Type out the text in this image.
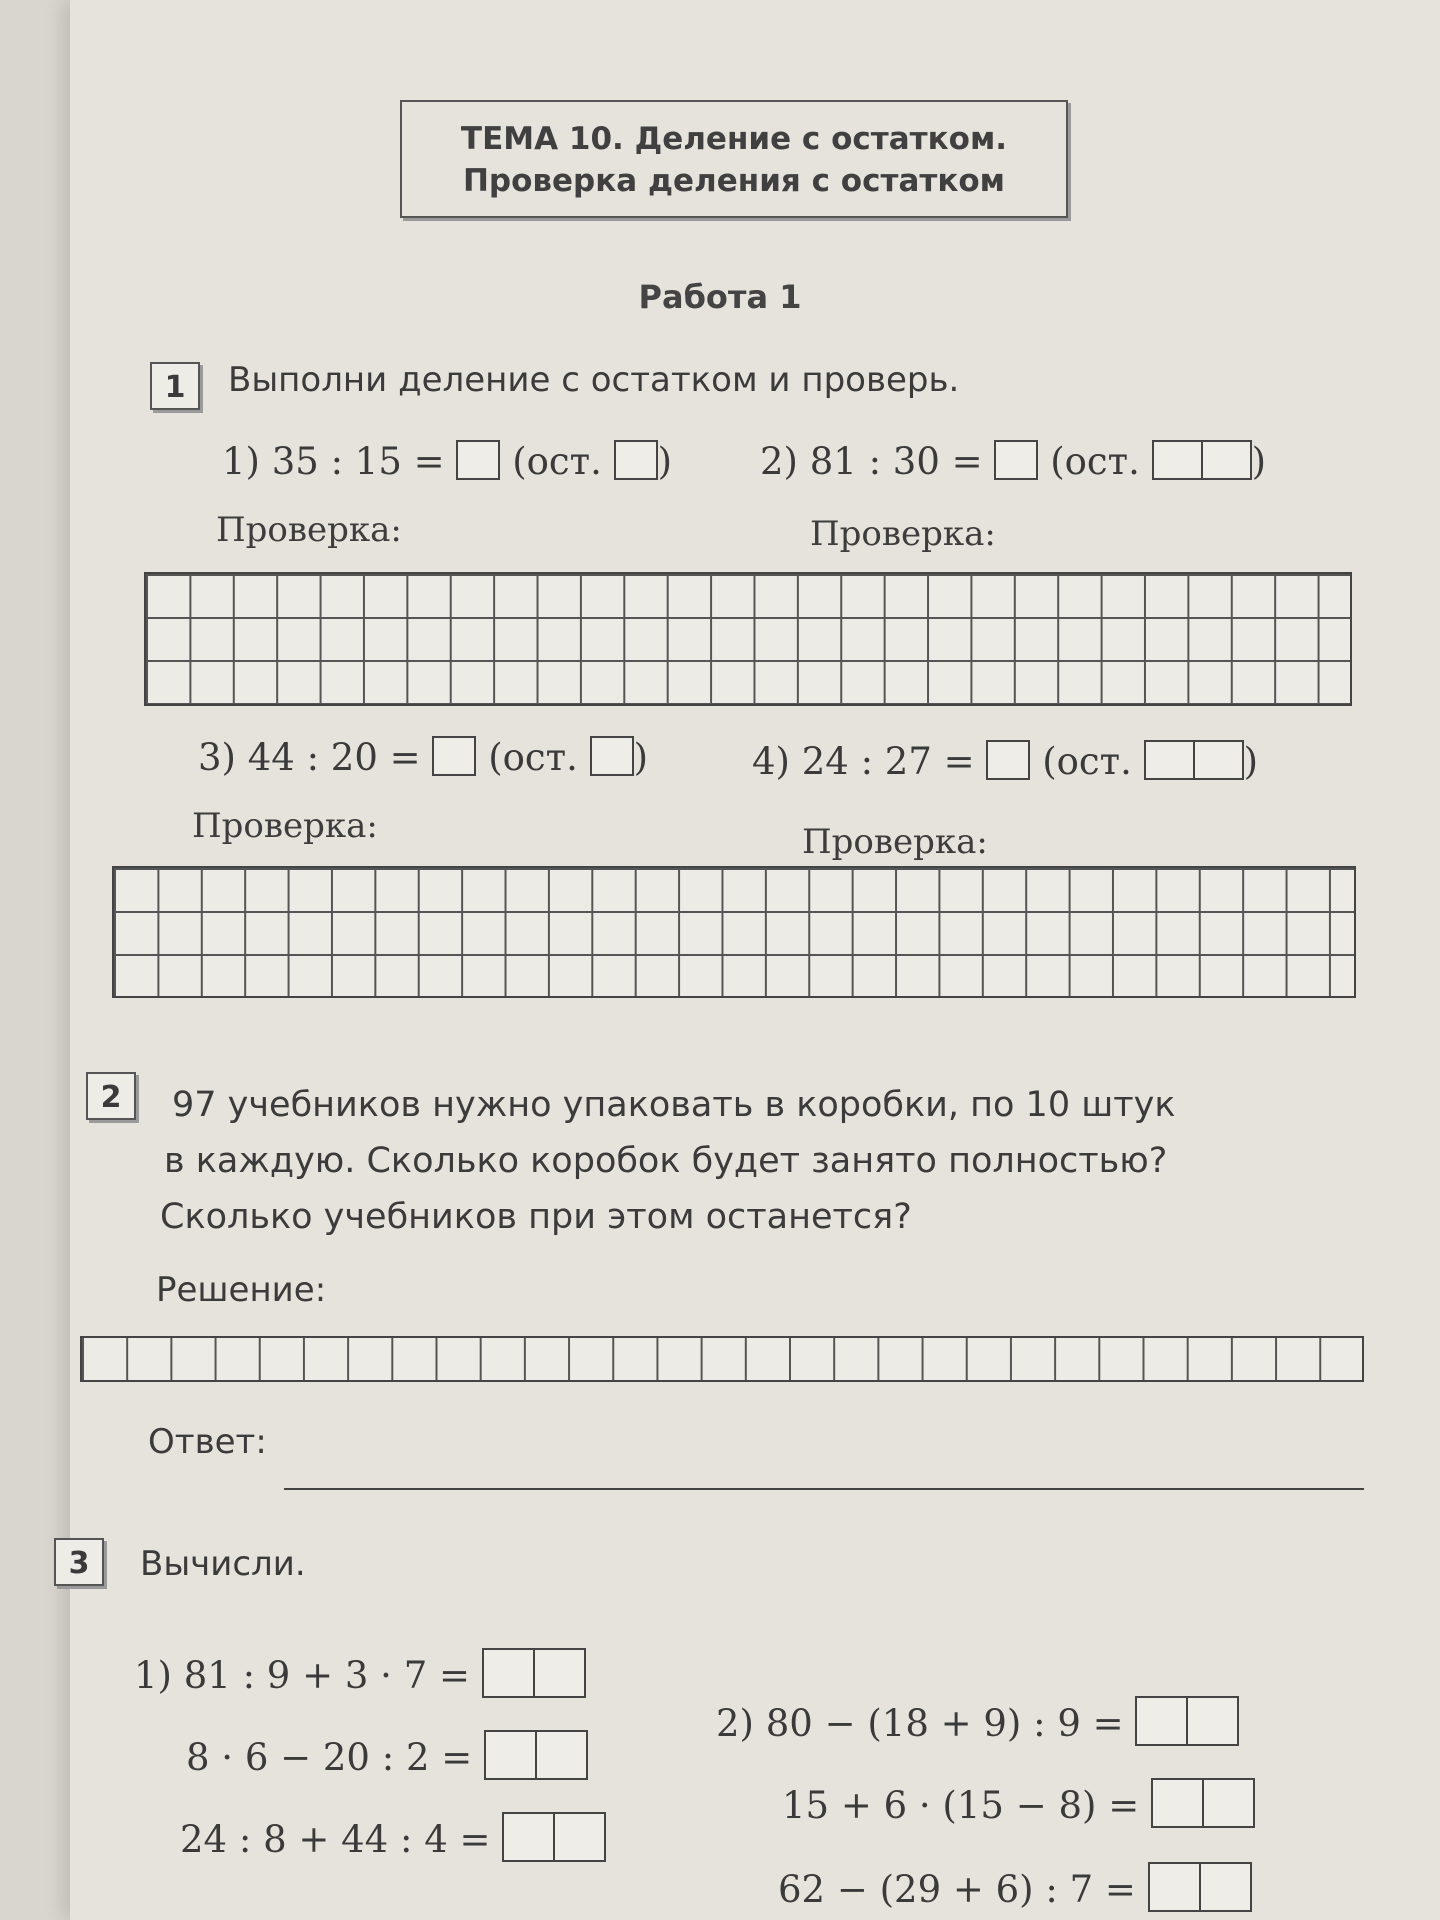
ТЕМА 10. Деление с остатком.
Проверка деления с остатком
Работа 1
1	Выполни деление с остатком и проверь.
1) 35 : 15 = (ост. ) 2) 81 : 30 = (ост.	)
Проверка:	Проверка:
3) 44 : 20 = (ост. )	4) 24 : 27 = (ост.	)
Проверка:	Проверка:
2	97 учебников нужно упаковать в коробки, по 10 штук
в каждую. Сколько коробок будет занято полностью?
Сколько учебников при этом останется?
Решение:
Ответ:
3	Вычисли.
1) 81 : 9 + 3 · 7 =
8 · 6 − 20 : 2 =
24 : 8 + 44 : 4 =
2) 80 − (18 + 9) : 9 =
15 + 6 · (15 − 8) =
62 − (29 + 6) : 7 =
